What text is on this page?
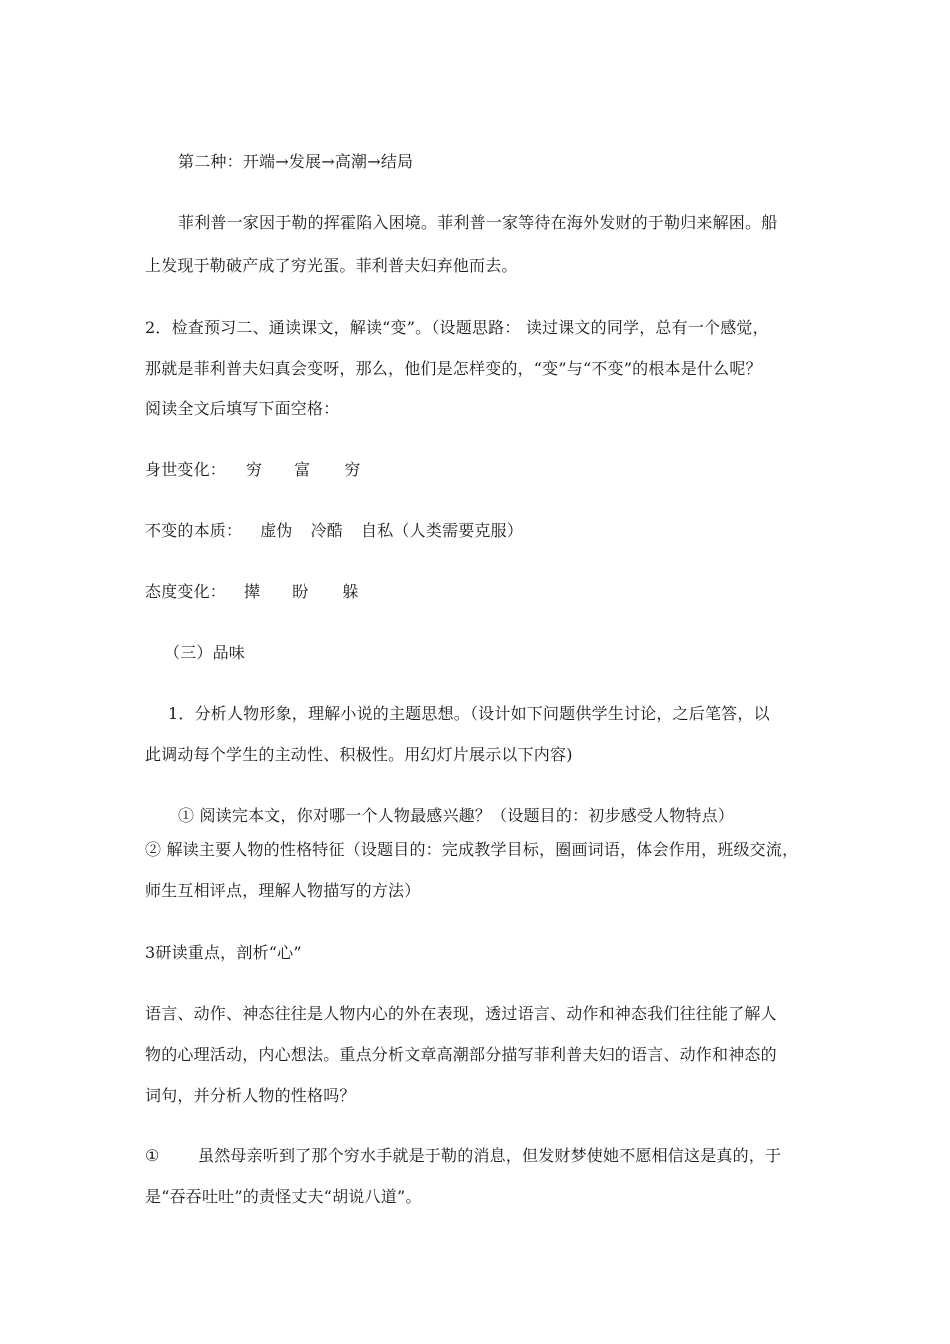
第二种：开端→发展→高潮→结局
菲利普一家因于勒的挥霍陷入困境。菲利普一家等待在海外发财的于勒归来解困。船
上发现于勒破产成了穷光蛋。菲利普夫妇弃他而去。
2．检查预习二、通读课文，解读“变”。（设题思路： 读过课文的同学，总有一个感觉，
那就是菲利普夫妇真会变呀，那么，他们是怎样变的，“变”与“不变”的根本是什么呢？
阅读全文后填写下面空格：
身世变化： 穷 富 穷
不变的本质： 虚伪 冷酷 自私（人类需要克服）
态度变化： 撵 盼 躲
（三）品味
1．分析人物形象，理解小说的主题思想。（设计如下问题供学生讨论，之后笔答，以
此调动每个学生的主动性、积极性。用幻灯片展示以下内容)
① 阅读完本文，你对哪一个人物最感兴趣？（设题目的：初步感受人物特点）
② 解读主要人物的性格特征（设题目的：完成教学目标，圈画词语，体会作用，班级交流，
师生互相评点，理解人物描写的方法）
3研读重点，剖析“心”
语言、动作、神态往往是人物内心的外在表现，透过语言、动作和神态我们往往能了解人
物的心理活动，内心想法。重点分析文章高潮部分描写菲利普夫妇的语言、动作和神态的
词句，并分析人物的性格吗？
①	虽然母亲听到了那个穷水手就是于勒的消息，但发财梦使她不愿相信这是真的，于
是“吞吞吐吐”的责怪丈夫“胡说八道”。
